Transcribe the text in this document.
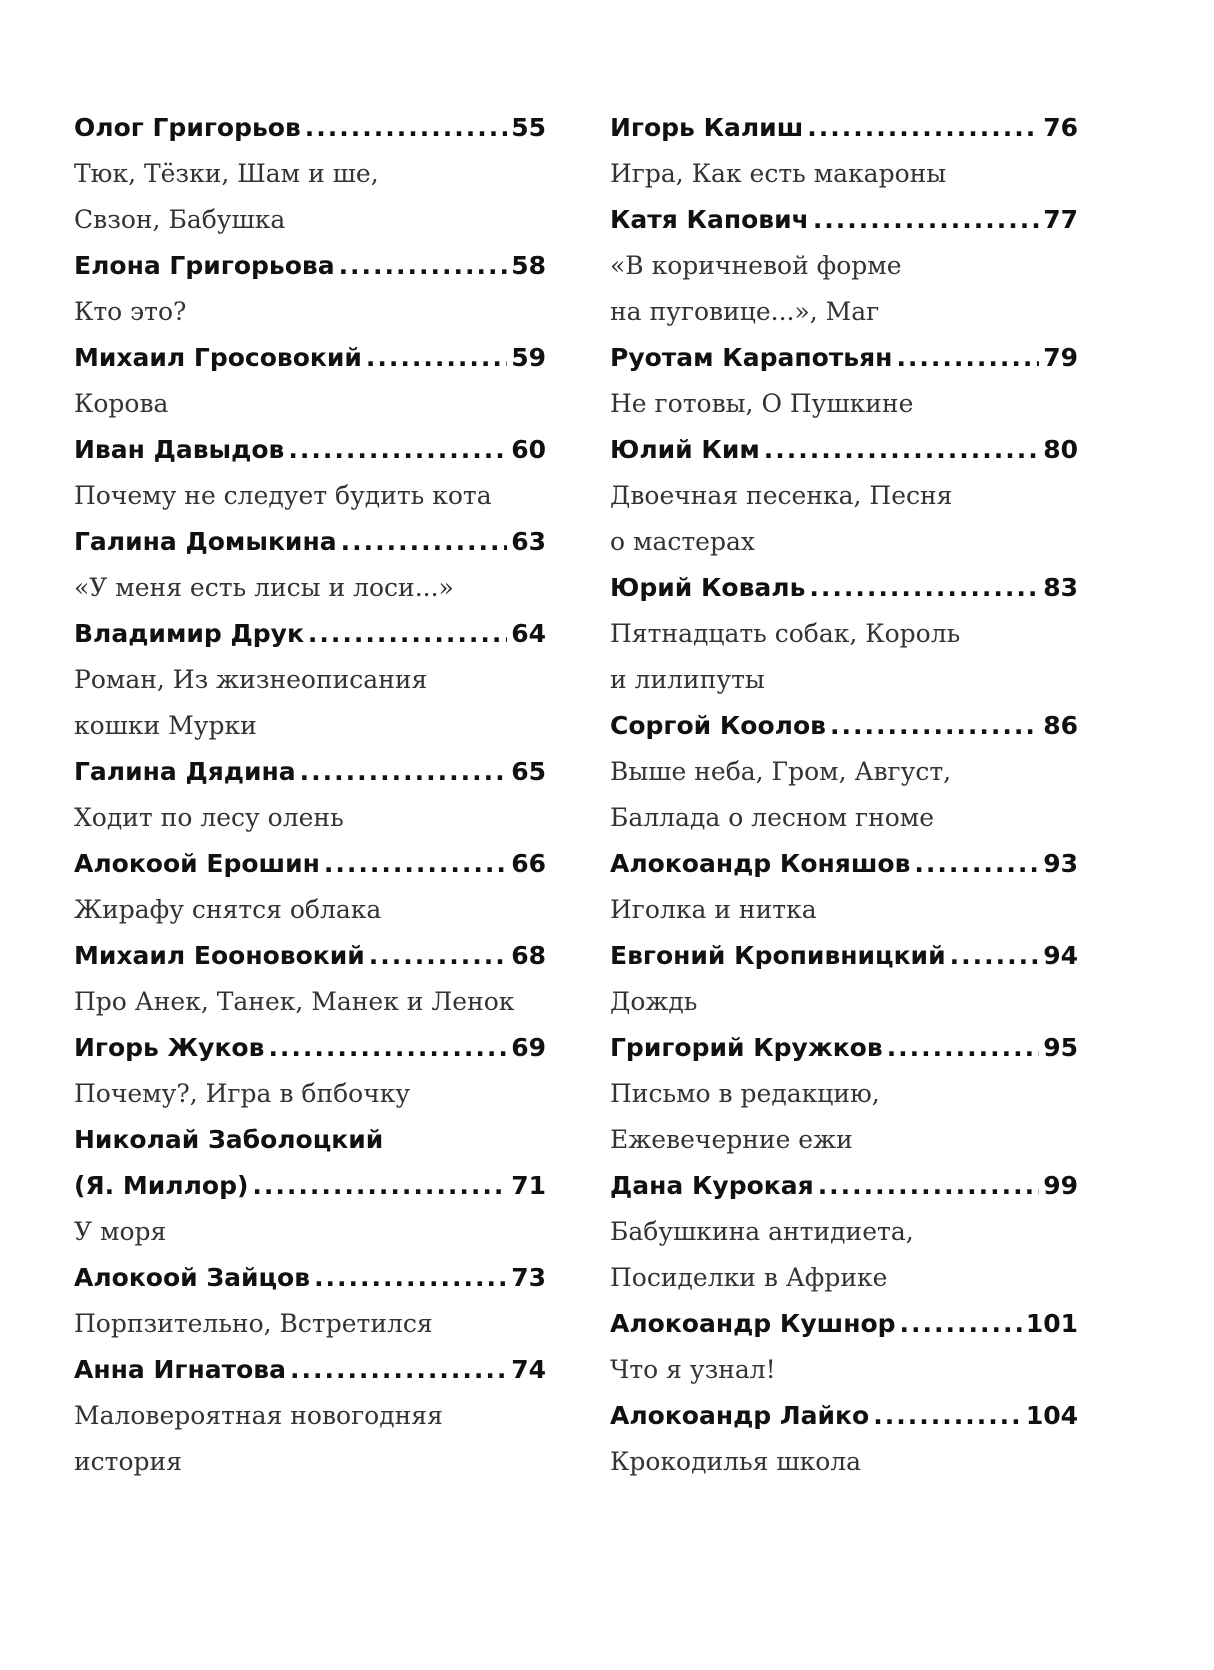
Олог Григорьов .....	55
Тюк, Тёзки, Шам и ше,
Свзон, Бабушка
Елона Григорьова .....	58
Кто это?
Михаил Гросовокий .....	59
Корова
Иван Давыдов .....	60
Почему не следует будить кота
Галина Домыкина .....	63
«У меня есть лисы и лоси...»
Владимир Друк .....	64
Роман, Из жизнеописания
кошки Мурки
Галина Дядина .....	65
Ходит по лесу олень
Алокоой Ерошин .....	66
Жирафу снятся облака
Михаил Еооновокий .....	68
Про Анек, Танек, Манек и Ленок
Игорь Жуков .....	69
Почему?, Игра в бпбочку
Николай Заболоцкий
(Я. Миллор) .....	71
У моря
Алокоой Зайцов .....	73
Порпзительно, Встретился
Анна Игнатова .....	74
Маловероятная новогодняя
история
Игорь Калиш .....	76
Игра, Как есть макароны
Катя Капович .....	77
«В коричневой форме
на пуговице...», Маг
Руотам Карапотьян .....	79
Не готовы, О Пушкине
Юлий Ким .....	80
Двоечная песенка, Песня
о мастерах
Юрий Коваль .....	83
Пятнадцать собак, Король
и лилипуты
Соргой Коолов .....	86
Выше неба, Гром, Август,
Баллада о лесном гноме
Алокоандр Коняшов .....	93
Иголка и нитка
Евгоний Кропивницкий .....	94
Дождь
Григорий Кружков .....	95
Письмо в редакцию,
Ежевечерние ежи
Дана Курокая .....	99
Бабушкина антидиета,
Посиделки в Африке
Алокоандр Кушнор .....	101
Что я узнал!
Алокоандр Лайко .....	104
Крокодилья школа
